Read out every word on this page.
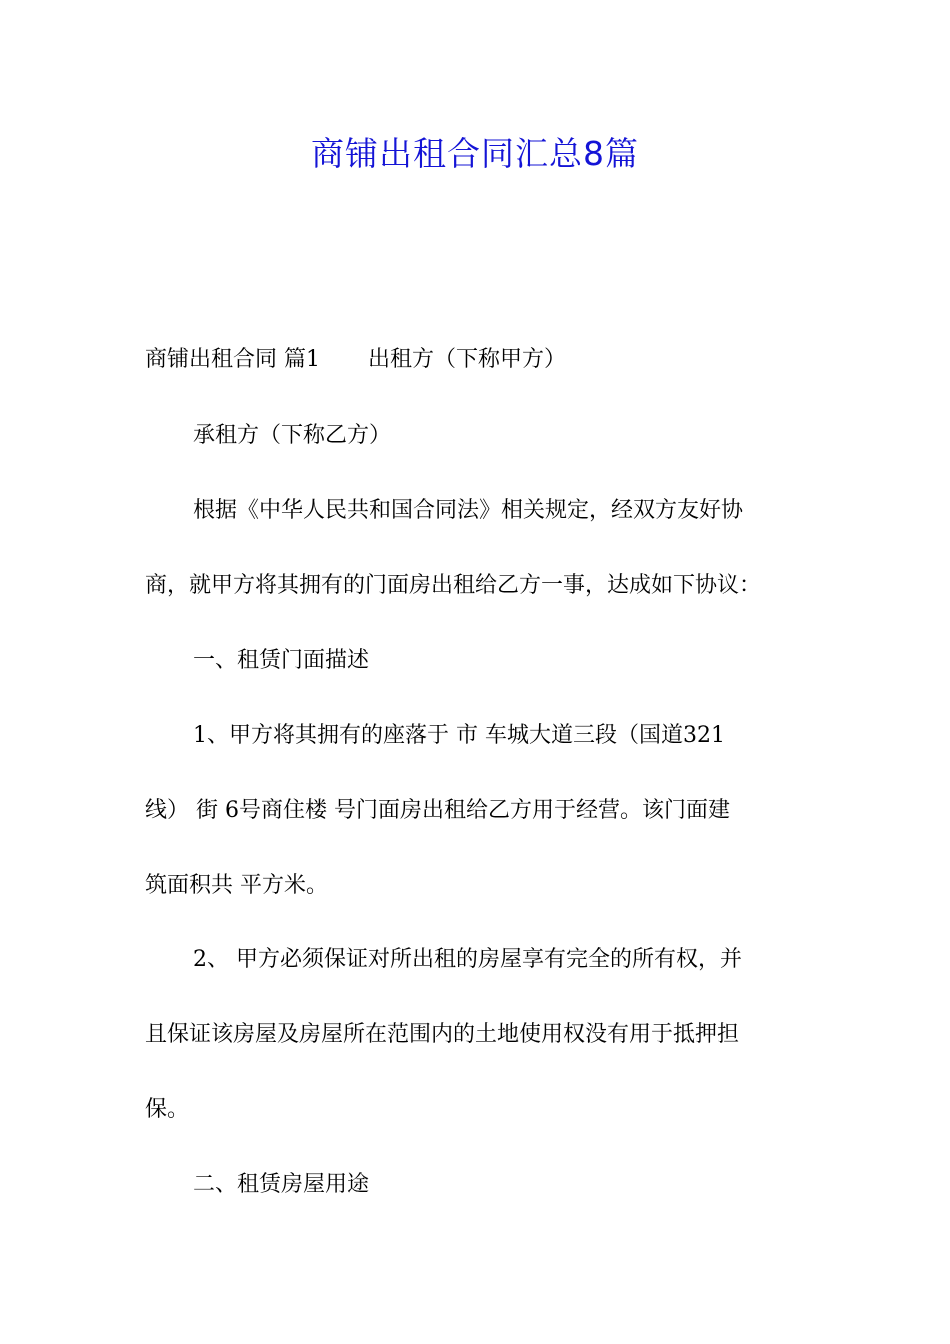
商铺出租合同汇总8篇
商铺出租合同 篇1 出租方（下称甲方）
承租方（下称乙方）
根据《中华人民共和国合同法》相关规定，经双方友好协
商，就甲方将其拥有的门面房出租给乙方一事，达成如下协议：
一、租赁门面描述
1、甲方将其拥有的座落于 市 车城大道三段（国道321
线） 街 6号商住楼 号门面房出租给乙方用于经营。该门面建
筑面积共 平方米。
2、 甲方必须保证对所出租的房屋享有完全的所有权，并
且保证该房屋及房屋所在范围内的土地使用权没有用于抵押担
保。
二、租赁房屋用途
